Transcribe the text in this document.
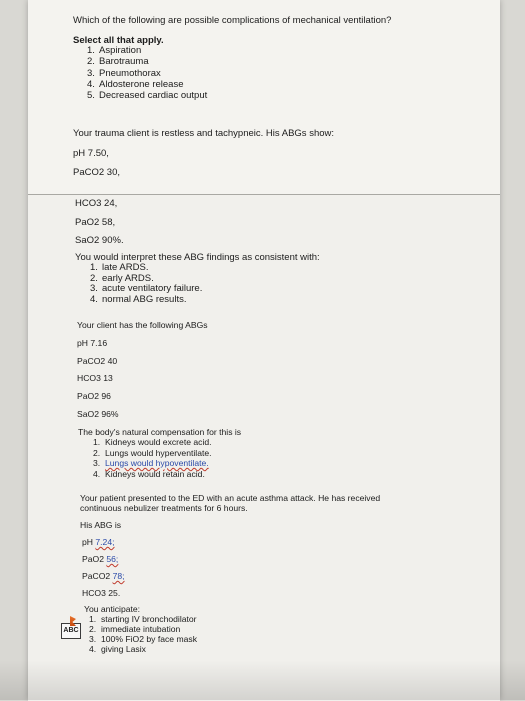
Which of the following are possible complications of mechanical ventilation?

Select all that apply.

1. Aspiration
2. Barotrauma
3. Pneumothorax
4. Aldosterone release
5. Decreased cardiac output

Your trauma client is restless and tachypneic. His ABGs show:

pH 7.50,

PaCO2 30,

HCO3 24,

PaO2 58,

SaO2 90%.

You would interpret these ABG findings as consistent with:

1. late ARDS.
2. early ARDS.
3. acute ventilatory failure.
4. normal ABG results.

Your client has the following ABGs

pH 7.16

PaCO2 40

HCO3 13

PaO2 96

SaO2 96%

The body's natural compensation for this is

1. Kidneys would excrete acid.
2. Lungs would hyperventilate.
3. Lungs would hypoventilate.
4. Kidneys would retain acid.

Your patient presented to the ED with an acute asthma attack. He has received

continuous nebulizer treatments for 6 hours.

His ABG is

pH 7.24;

PaO2 56;

PaCO2 78;

HCO3 25.

You anticipate:

1. starting IV bronchodilator
2. immediate intubation
3. 100% FiO2 by face mask
4. giving Lasix
ABC
